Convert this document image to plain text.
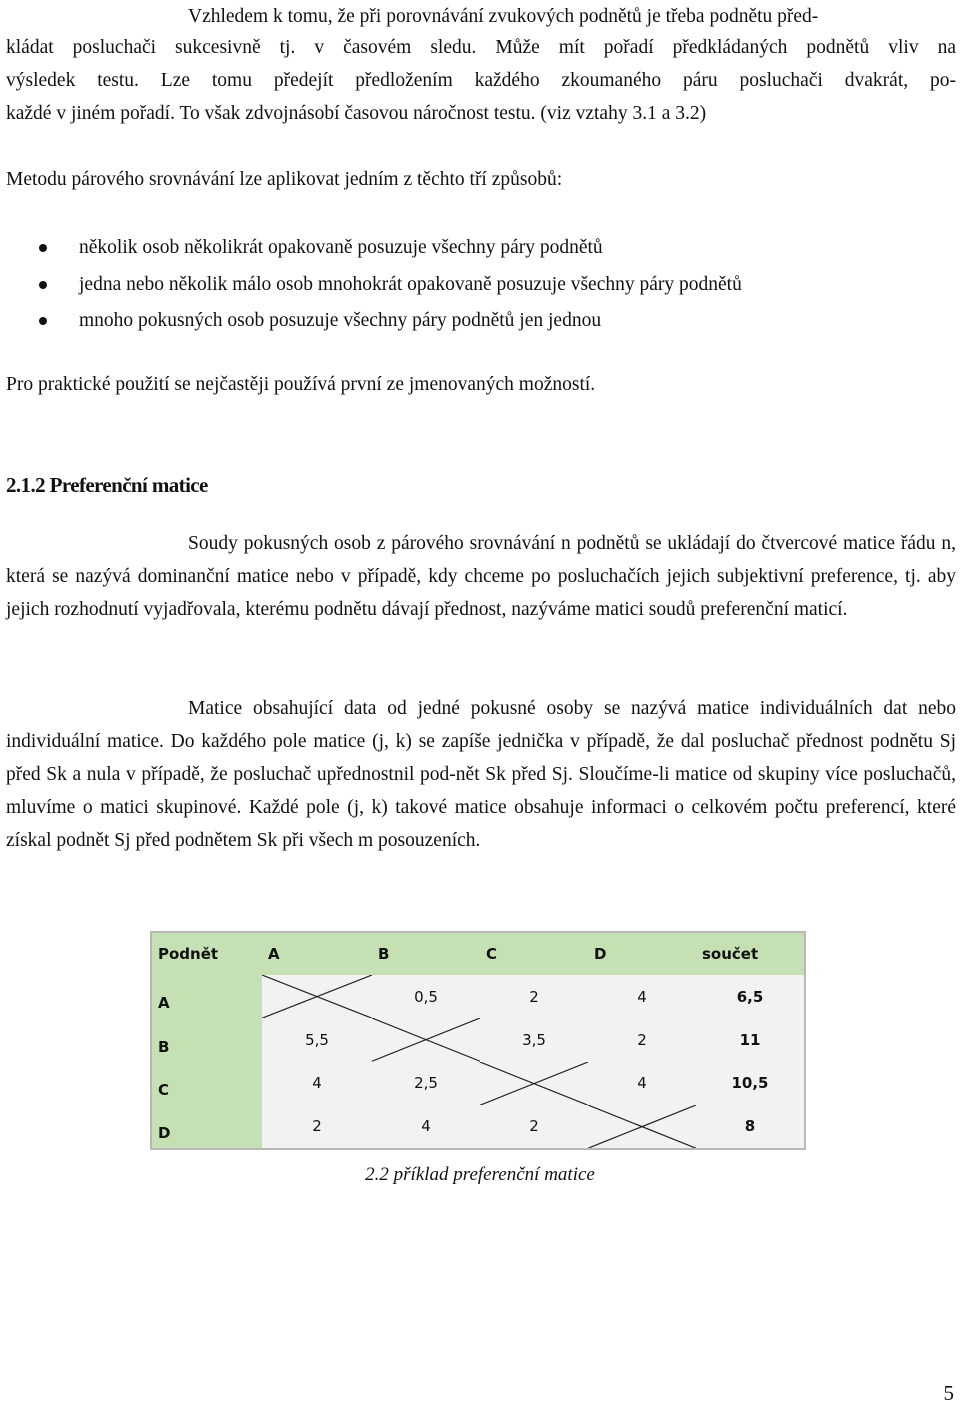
Vzhledem k tomu, že při porovnávání zvukových podnětů je třeba podnětu před-

kládat posluchači sukcesivně tj. v časovém sledu. Může mít pořadí předkládaných podnětů vliv na

výsledek testu. Lze tomu předejít předložením každého zkoumaného páru posluchači dvakrát, po-

každé v jiném pořadí. To však zdvojnásobí časovou náročnost testu. (viz vztahy 3.1 a 3.2)

Metodu párového srovnávání lze aplikovat jedním z těchto tří způsobů:

několik osob několikrát opakovaně posuzuje všechny páry podnětů
jedna nebo několik málo osob mnohokrát opakovaně posuzuje všechny páry podnětů
mnoho pokusných osob posuzuje všechny páry podnětů jen jednou

Pro praktické použití se nejčastěji používá první ze jmenovaných možností.

2.1.2 Preferenční matice

Soudy pokusných osob z párového srovnávání n podnětů se ukládají do čtvercové matice řádu n, která se nazývá dominanční matice nebo v případě, kdy chceme po posluchačích jejich subjektivní preference, tj. aby jejich rozhodnutí vyjadřovala, kterému podnětu dávají přednost, nazýváme matici soudů preferenční maticí.

Matice obsahující data od jedné pokusné osoby se nazývá matice individuálních dat nebo individuální matice. Do každého pole matice (j, k) se zapíše jednička v případě, že dal posluchač přednost podnětu Sj před Sk a nula v případě, že posluchač upřednostnil pod-nět Sk před Sj. Sloučíme-li matice od skupiny více posluchačů, mluvíme o matici skupinové. Každé pole (j, k) takové matice obsahuje informaci o celkovém počtu preferencí, které získal podnět Sj před podnětem Sk při všech m posouzeních.

Podnět	A	B	C	D	součet
A		0,5	2	4	6,5
B	5,5		3,5	2	11
C	4	2,5		4	10,5
D	2	4	2		8

2.2 příklad preferenční matice

5
